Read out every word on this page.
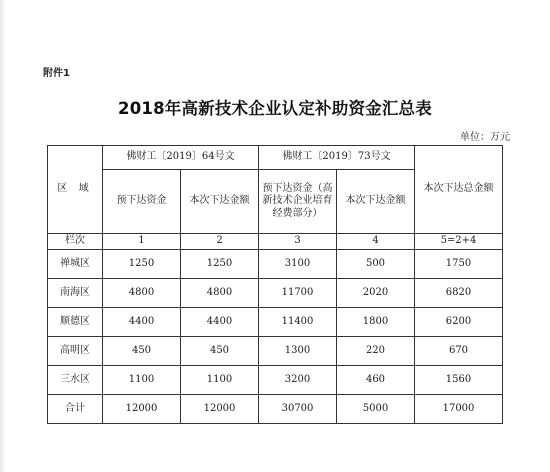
附件1
2018年高新技术企业认定补助资金汇总表
单位：万元
区 域	佛财工〔2019〕64号文		佛财工〔2019〕73号文		本次下达总金额
	预下达资金	本次下达金额	预下达资金（高新技术企业培育经费部分）	本次下达金额	
栏次	1	2	3	4	5=2+4
禅城区	1250	1250	3100	500	1750
南海区	4800	4800	11700	2020	6820
顺德区	4400	4400	11400	1800	6200
高明区	450	450	1300	220	670
三水区	1100	1100	3200	460	1560
合计	12000	12000	30700	5000	17000
